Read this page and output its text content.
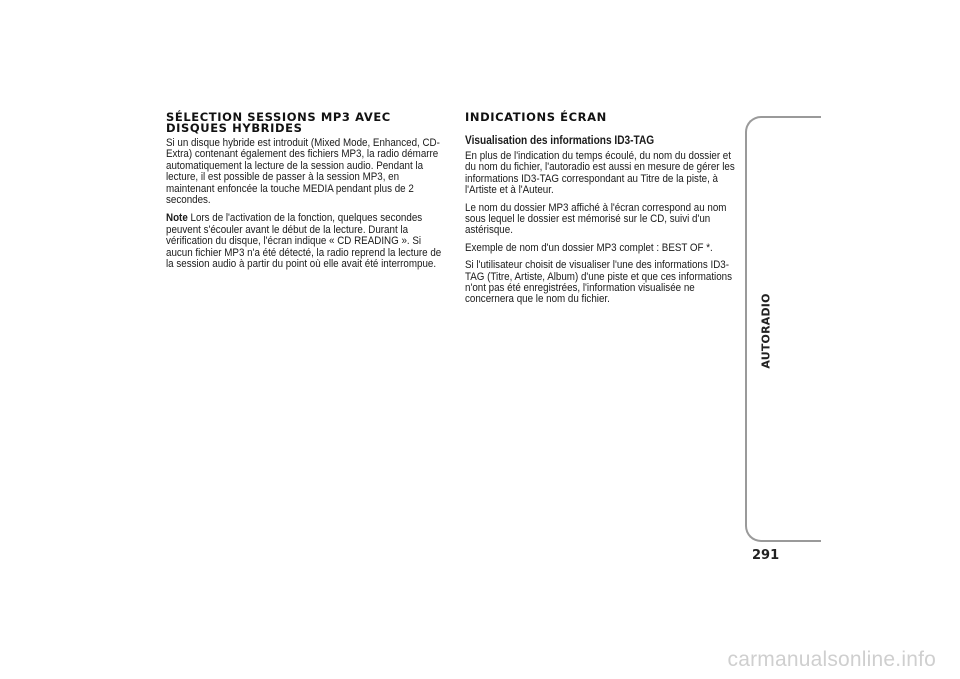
SÉLECTION SESSIONS MP3 AVEC
DISQUES HYBRIDES

Si un disque hybride est introduit (Mixed Mode, Enhanced, CD-Extra) contenant également des fichiers MP3, la radio démarre automatiquement la lecture de la session audio. Pendant la lecture, il est possible de passer à la session MP3, en maintenant enfoncée la touche MEDIA pendant plus de 2 secondes.

Note Lors de l'activation de la fonction, quelques secondes peuvent s'écouler avant le début de la lecture. Durant la vérification du disque, l'écran indique « CD READING ». Si aucun fichier MP3 n'a été détecté, la radio reprend la lecture de la session audio à partir du point où elle avait été interrompue.

INDICATIONS ÉCRAN
Visualisation des informations ID3-TAG

En plus de l'indication du temps écoulé, du nom du dossier et du nom du fichier, l'autoradio est aussi en mesure de gérer les informations ID3-TAG correspondant au Titre de la piste, à l'Artiste et à l'Auteur.

Le nom du dossier MP3 affiché à l'écran correspond au nom sous lequel le dossier est mémorisé sur le CD, suivi d'un astérisque.

Exemple de nom d'un dossier MP3 complet : BEST OF *.

Si l'utilisateur choisit de visualiser l'une des informations ID3-TAG (Titre, Artiste, Album) d'une piste et que ces informations n'ont pas été enregistrées, l'information visualisée ne concernera que le nom du fichier.	AUTORADIO
291
carmanualsonline.info
